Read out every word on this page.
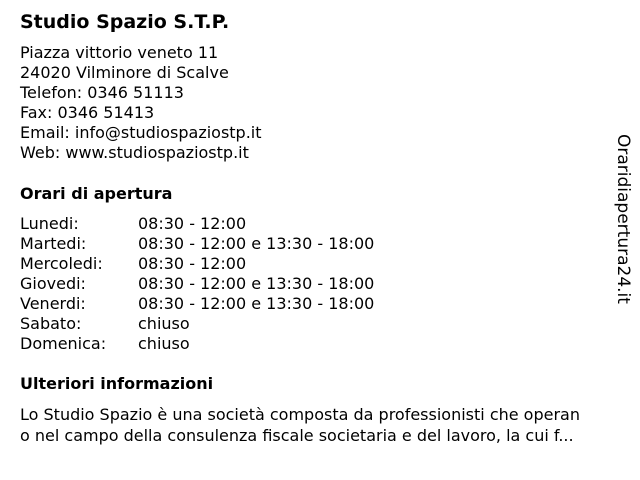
Studio Spazio S.T.P.
Piazza vittorio veneto 11
24020 Vilminore di Scalve
Telefon: 0346 51113
Fax: 0346 51413
Email: info@studiospaziostp.it
Web: www.studiospaziostp.it
Orari di apertura
Lunedi:	08:30 - 12:00
Martedi:	08:30 - 12:00 e 13:30 - 18:00
Mercoledi:	08:30 - 12:00
Giovedi:	08:30 - 12:00 e 13:30 - 18:00
Venerdi:	08:30 - 12:00 e 13:30 - 18:00
Sabato:	chiuso
Domenica:	chiuso
Ulteriori informazioni
Lo Studio Spazio è una società composta da professionisti che operan
o nel campo della consulenza fiscale societaria e del lavoro, la cui f...
Oraridiapertura24.it
